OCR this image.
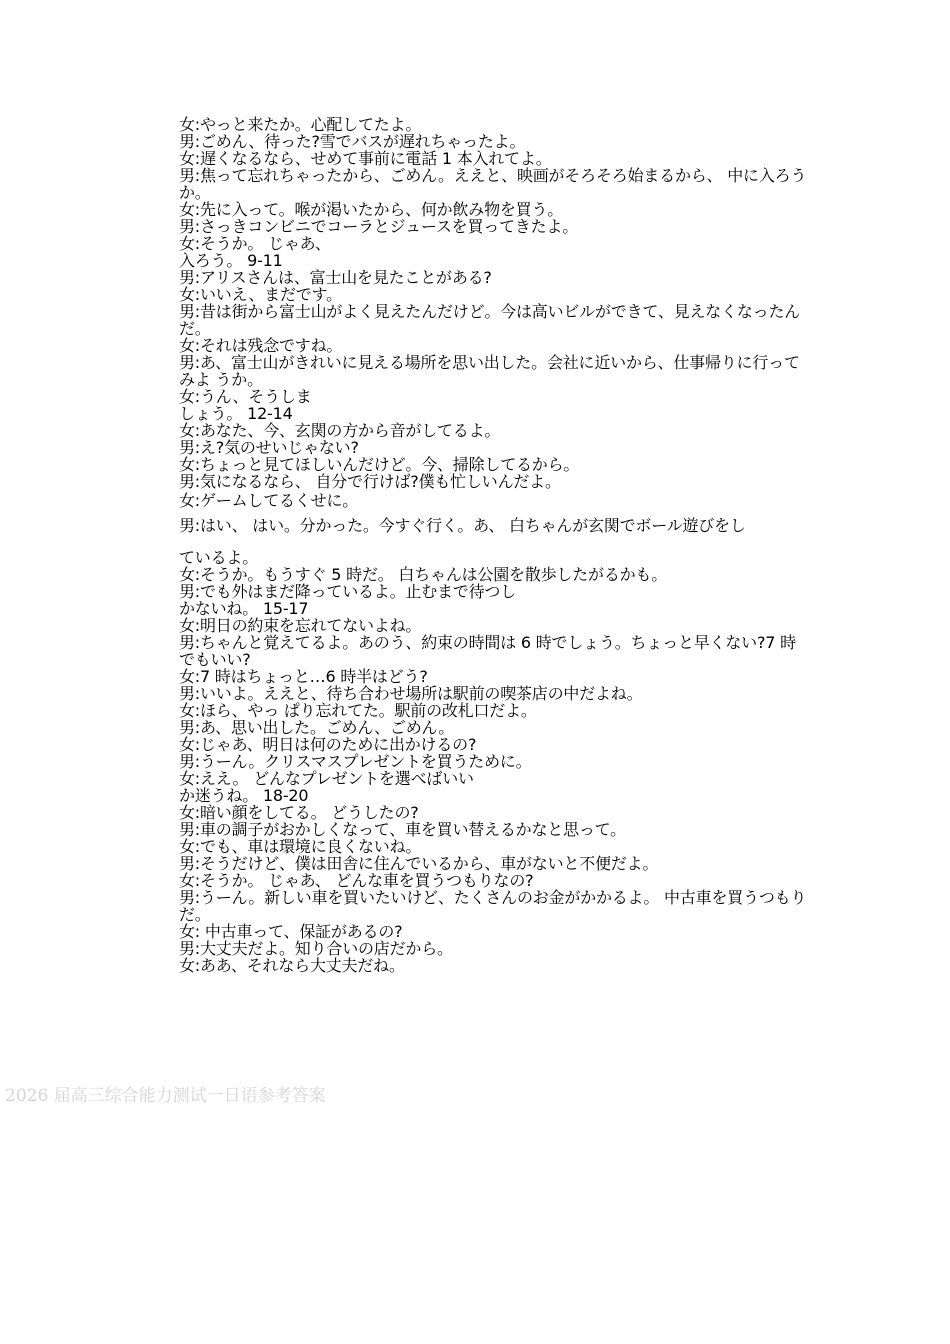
女:やっと来たか。心配してたよ。

男:ごめん、待った?雪でバスが遅れちゃったよ。

女:遅くなるなら、せめて事前に電話 1 本入れてよ。

男:焦って忘れちゃったから、ごめん。ええと、映画がそろそろ始まるから、 中に入ろうか。

女:先に入って。喉が渇いたから、何か飲み物を買う。

男:さっきコンビニでコーラとジュースを買ってきたよ。

女:そうか。 じゃあ、

入ろう。 9-11

男:アリスさんは、富士山を見たことがある?

女:いいえ、まだです。

男:昔は街から富士山がよく見えたんだけど。今は高いビルができて、見えなくなったんだ。

女:それは残念ですね。

男:あ、富士山がきれいに見える場所を思い出した。会社に近いから、仕事帰りに行ってみよ うか。

女:うん、そうしま

しょう。 12-14

女:あなた、今、玄関の方から音がしてるよ。

男:え?気のせいじゃない?

女:ちょっと見てほしいんだけど。今、掃除してるから。

男:気になるなら、 自分で行けば?僕も忙しいんだよ。

女:ゲームしてるくせに。

男:はい、 はい。分かった。今すぐ行く。あ、 白ちゃんが玄関でボール遊びをし

ているよ。

女:そうか。もうすぐ 5 時だ。 白ちゃんは公園を散歩したがるかも。

男:でも外はまだ降っているよ。止むまで待つし

かないね。 15-17

女:明日の約束を忘れてないよね。

男:ちゃんと覚えてるよ。あのう、約束の時間は 6 時でしょう。ちょっと早くない?7 時でもいい?

女:7 時はちょっと…6 時半はどう?

男:いいよ。ええと、待ち合わせ場所は駅前の喫茶店の中だよね。

女:ほら、やっ ぱり忘れてた。駅前の改札口だよ。

男:あ、思い出した。ごめん、ごめん。

女:じゃあ、明日は何のために出かけるの?

男:うーん。クリスマスプレゼントを買うために。

女:ええ。 どんなプレゼントを選べばいい

か迷うね。 18-20

女:暗い顔をしてる。 どうしたの?

男:車の調子がおかしくなって、車を買い替えるかなと思って。

女:でも、車は環境に良くないね。

男:そうだけど、僕は田舎に住んでいるから、車がないと不便だよ。

女:そうか。 じゃあ、 どんな車を買うつもりなの?

男:うーん。新しい車を買いたいけど、たくさんのお金がかかるよ。 中古車を買うつもりだ。

女: 中古車って、保証があるの?

男:大丈夫だよ。知り合いの店だから。

女:ああ、それなら大丈夫だね。

2026 届高三综合能力测试一日语参考答案
